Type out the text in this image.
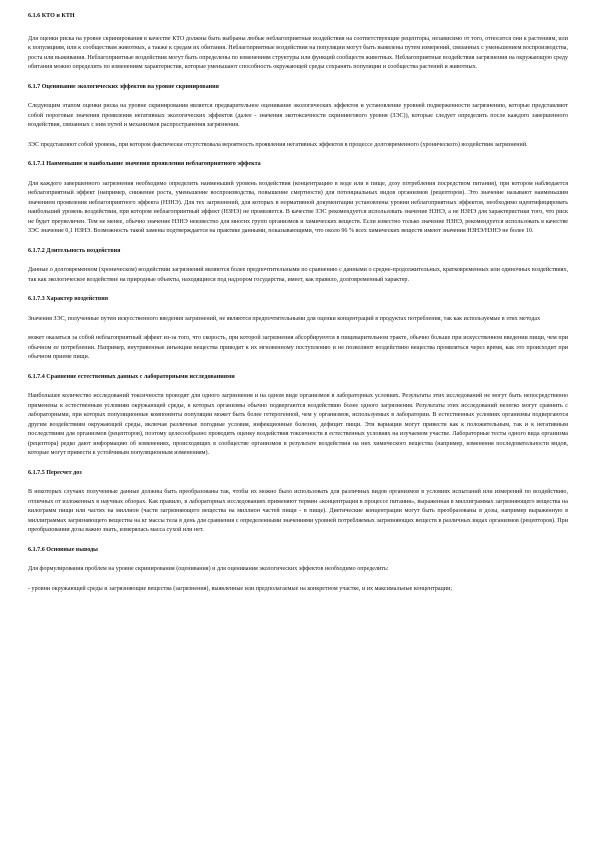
6.1.6 КТО и КТН
Для оценки риска на уровне скринирования в качестве КТО должны быть выбраны любые неблагоприятные воздействия на соответствующие рецепторы, независимо от того, относятся они к растениям, или к популяциям, или к сообществам животных, а также к средам их обитания. Неблагоприятные воздействия на популяции могут быть выявлены путем измерений, связанных с уменьшением воспроизводства, роста или выживания. Неблагоприятные воздействия могут быть определены по изменениям структуры или функций сообществ животных. Неблагоприятные воздействия загрязнения на окружающую среду обитания можно определить по изменениям характеристик, которые уменьшают способность окружающей среды сохранять популяции и сообщества растений и животных.
6.1.7 Оценивание экологических эффектов на уровне скринирования
Следующим этапом оценки риска на уровне скринирования является предварительное оценивание экологических эффектов и установление уровней подверженности загрязнению, которые представляют собой пороговые значения проявления негативных экологических эффектов (далее - значения экотоксичности скринингового уровня (ЗЭС)), которые следует определить после каждого завершенного воздействия, связанных с ним путей и механизмов распространения загрязнения.
ЗЭС представляют собой уровень, при котором фактически отсутствовала вероятность проявления негативных эффектов в процессе долговременного (хронического) воздействия загрязнений.
6.1.7.1 Наименьшие и наибольшие значения проявления неблагоприятного эффекта
Для каждого завершенного загрязнения необходимо определить наименьший уровень воздействия (концентрацию в воде или в пище, дозу потребления посредством питания), при котором наблюдается неблагоприятный эффект (например, снижение роста, уменьшение воспроизводства, повышение смертности) для потенциальных видов организмов (рецепторов). Это значение называют наименьшим значением проявления неблагоприятного эффекта (НЗНЭ). Для тех загрязнений, для которых в нормативной документации установлены уровни неблагоприятных эффектов, необходимо идентифицировать наибольший уровень воздействия, при котором неблагоприятный эффект (НЗНЭ) не проявляется. В качестве ЗЭС рекомендуется использовать значение НЗНЭ, а не НЗНЭ для характеристики того, что риск не будет преувеличен. Тем не менее, обычно значение НЗНЭ неизвестно для многих групп организмов и химических веществ. Если известно только значение НЗНЭ, рекомендуется использовать в качестве ЗЭС значение 0,1 НЗНЭ. Возможность такой замены подтверждается на практике данными, показывающими, что около 96 % всех химических веществ имеют значения НЗНЭ/НЗНЭ не более 10.
6.1.7.2 Длительность воздействия
Данные о долговременном (хроническом) воздействии загрязнений являются более предпочтительными по сравнению с данными о средне-продолжительных, кратковременных или одиночных воздействиях, так как экологическое воздействие на природные объекты, находящиеся под надзором государства, имеет, как правило, долговременный характер.
6.1.7.3 Характер воздействия
Значения ЗЭС, полученные путем искусственного введения загрязнений, не являются предпочтительными для оценки концентраций в продуктах потребления, так как используемые в этих методах
может оказаться за собой неблагоприятный эффект из-за того, что скорость, при которой загрязнения абсорбируются в пищеварительном тракте, обычно больше при искусственном введении пищи, чем при обычном ее потреблении. Например, внутривенные инъекции вещества приводят к их мгновенному поступлению и не позволяют воздействию вещества проявляться через время, как это происходит при обычном приеме пищи.
6.1.7.4 Сравнение естественных данных с лабораторными исследованиями
Наибольшее количество исследований токсичности проводят для одного загрязнения и на одном виде организмов в лабораторных условиях. Результаты этих исследований не могут быть непосредственно применены к естественным условиям окружающей среды, в которых организмы обычно подвергаются воздействию более одного загрязнения. Результаты этих исследований нелегко могут сравнить с лабораторными, при которых популяционные компоненты популяции может быть более гетерогенной, чем у организмов, используемых в лаборатории. В естественных условиях организмы подвергаются другим воздействиям окружающей среды, включая различные погодные условия, инфекционные болезни, дефицит пищи. Эти вариации могут привести как к положительным, так и к негативным последствиям для организмов (рецепторов), поэтому целесообразно проводить оценку воздействия токсичности в естественных условиях на изучаемом участке. Лабораторные тесты одного вида организма (рецептора) редко дают информацию об изменениях, происходящих в сообществе организмов в результате воздействия на них химического вещества (например, изменения последовательности видов, которые могут привести к устойчивым популяционным изменениям).
6.1.7.5 Пересчет доз
В некоторых случаях полученные данные должны быть преобразованы так, чтобы их можно было использовать для различных видов организмов в условиях испытаний или измерений по воздействию, отличных от изложенных в научных обзорах. Как правило, в лабораторных исследованиях применяют термин «концентрация в процессе питания», выраженная в миллиграммах загрязняющего вещества на килограмм пищи или частях на миллион (части загрязняющего вещества на миллион частей пищи - в пище). Диетические концентрации могут быть преобразованы в дозы, например выраженную в миллиграммах загрязняющего вещества на кг массы тела в день для сравнения с определенными значениями уровней потребляемых загрязняющих веществ в различных видах организмов (рецепторов). При преобразовании дозы важно знать, измерялась масса сухой или нет.
6.1.7.6 Основные выводы
Для формулирования проблем на уровне скринирования (оценивания) и для оценивания экологических эффектов необходимо определить:
- уровни окружающей среды и загрязняющие вещества (загрязнения), выявленные или предполагаемые на конкретном участке, и их максимальные концентрации;
